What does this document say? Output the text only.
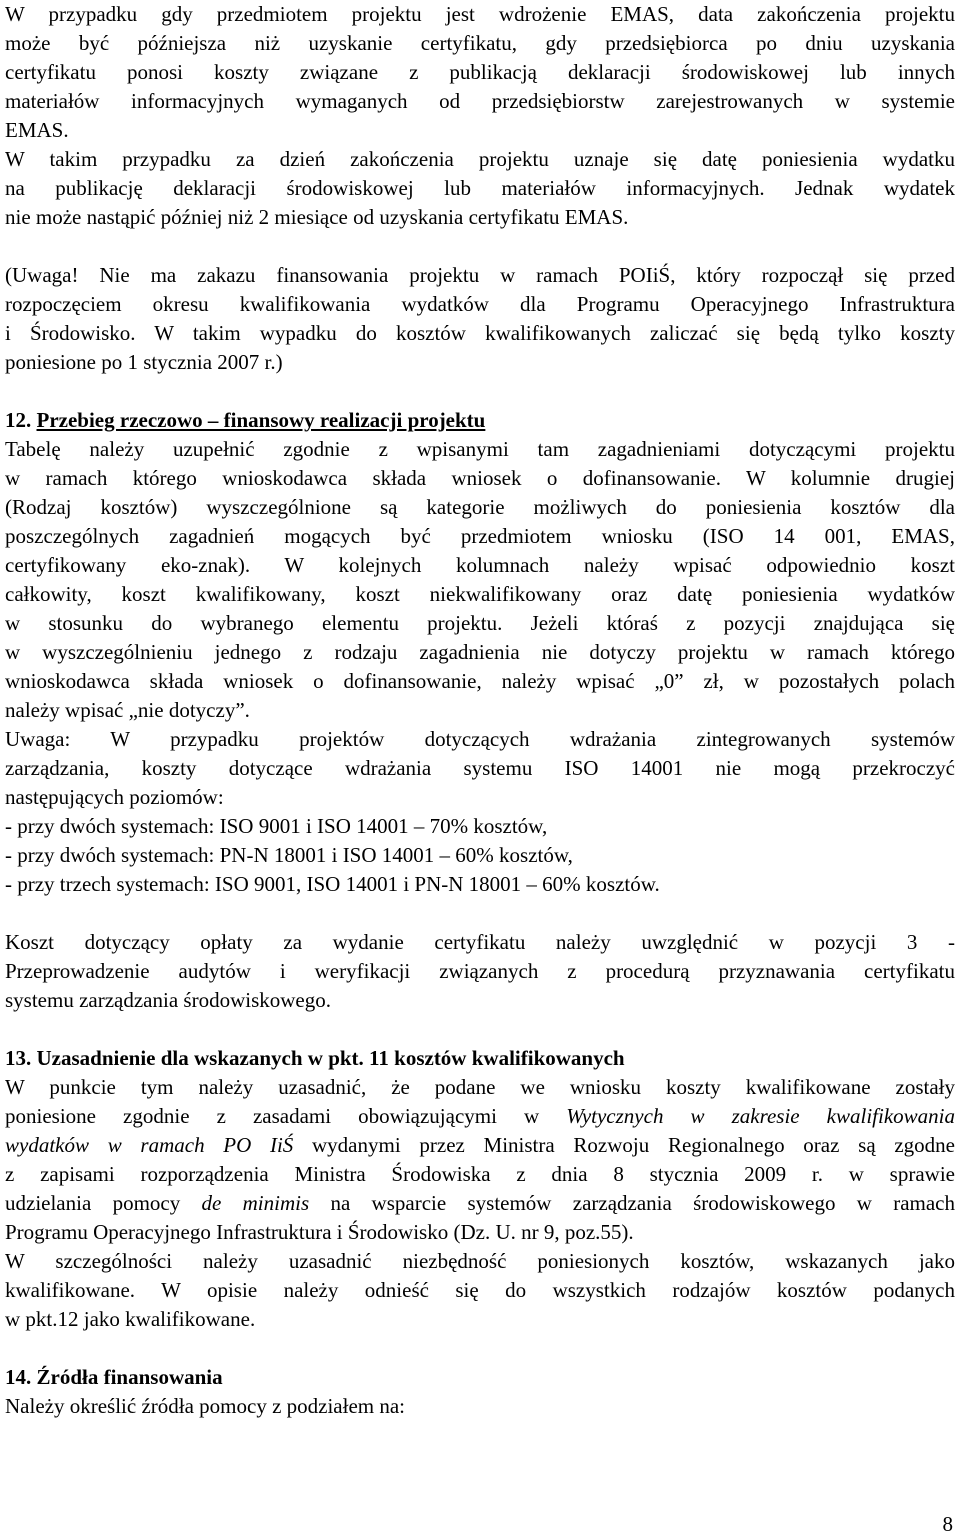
W przypadku gdy przedmiotem projektu jest wdrożenie EMAS, data zakończenia projektu
może być późniejsza niż uzyskanie certyfikatu, gdy przedsiębiorca po dniu uzyskania
certyfikatu ponosi koszty związane z publikacją deklaracji środowiskowej lub innych
materiałów informacyjnych wymaganych od przedsiębiorstw zarejestrowanych w systemie
EMAS.
W takim przypadku za dzień zakończenia projektu uznaje się datę poniesienia wydatku
na publikację deklaracji środowiskowej lub materiałów informacyjnych. Jednak wydatek
nie może nastąpić później niż 2 miesiące od uzyskania certyfikatu EMAS.
(Uwaga! Nie ma zakazu finansowania projektu w ramach POIiŚ, który rozpoczął się przed
rozpoczęciem okresu kwalifikowania wydatków dla Programu Operacyjnego Infrastruktura
i Środowisko. W takim wypadku do kosztów kwalifikowanych zaliczać się będą tylko koszty
poniesione po 1 stycznia 2007 r.)
12. Przebieg rzeczowo – finansowy realizacji projektu
Tabelę należy uzupełnić zgodnie z wpisanymi tam zagadnieniami dotyczącymi projektu
w ramach którego wnioskodawca składa wniosek o dofinansowanie. W kolumnie drugiej
(Rodzaj kosztów) wyszczególnione są kategorie możliwych do poniesienia kosztów dla
poszczególnych zagadnień mogących być przedmiotem wniosku (ISO 14 001, EMAS,
certyfikowany eko-znak). W kolejnych kolumnach należy wpisać odpowiednio koszt
całkowity, koszt kwalifikowany, koszt niekwalifikowany oraz datę poniesienia wydatków
w stosunku do wybranego elementu projektu. Jeżeli któraś z pozycji znajdująca się
w wyszczególnieniu jednego z rodzaju zagadnienia nie dotyczy projektu w ramach którego
wnioskodawca składa wniosek o dofinansowanie, należy wpisać „0” zł, w pozostałych polach
należy wpisać „nie dotyczy”.
Uwaga: W przypadku projektów dotyczących wdrażania zintegrowanych systemów
zarządzania, koszty dotyczące wdrażania systemu ISO 14001 nie mogą przekroczyć
następujących poziomów:
- przy dwóch systemach: ISO 9001 i ISO 14001 – 70% kosztów,
- przy dwóch systemach: PN-N 18001 i ISO 14001 – 60% kosztów,
- przy trzech systemach: ISO 9001, ISO 14001 i PN-N 18001 – 60% kosztów.
Koszt dotyczący opłaty za wydanie certyfikatu należy uwzględnić w pozycji 3 -
Przeprowadzenie audytów i weryfikacji związanych z procedurą przyznawania certyfikatu
systemu zarządzania środowiskowego.
13. Uzasadnienie dla wskazanych w pkt. 11 kosztów kwalifikowanych
W punkcie tym należy uzasadnić, że podane we wniosku koszty kwalifikowane zostały
poniesione zgodnie z zasadami obowiązującymi w Wytycznych w zakresie kwalifikowania
wydatków w ramach PO IiŚ wydanymi przez Ministra Rozwoju Regionalnego oraz są zgodne
z zapisami rozporządzenia Ministra Środowiska z dnia 8 stycznia 2009 r. w sprawie
udzielania pomocy de minimis na wsparcie systemów zarządzania środowiskowego w ramach
Programu Operacyjnego Infrastruktura i Środowisko (Dz. U. nr 9, poz.55).
W szczególności należy uzasadnić niezbędność poniesionych kosztów, wskazanych jako
kwalifikowane. W opisie należy odnieść się do wszystkich rodzajów kosztów podanych
w pkt.12 jako kwalifikowane.
14. Źródła finansowania
Należy określić źródła pomocy z podziałem na:
8
